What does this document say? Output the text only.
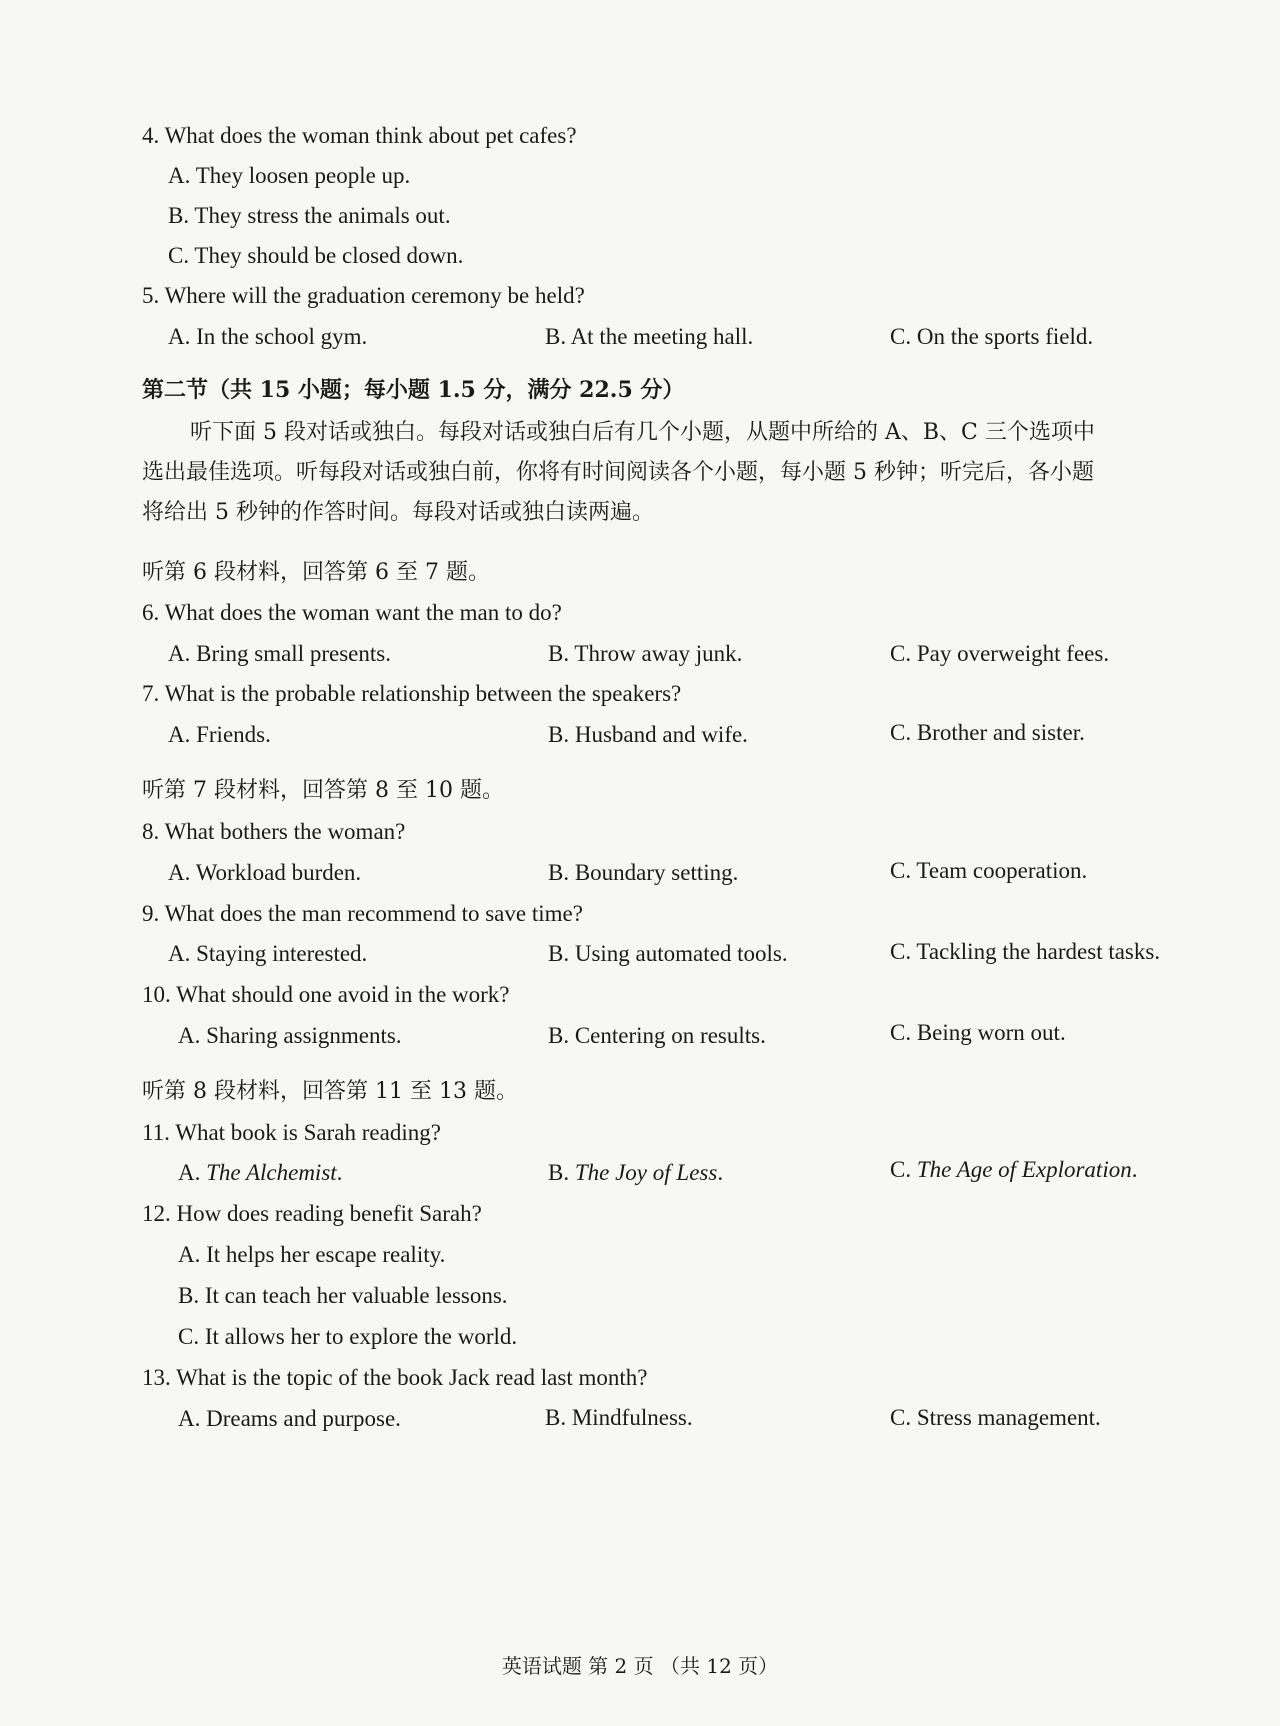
4. What does the woman think about pet cafes?
A. They loosen people up.
B. They stress the animals out.
C. They should be closed down.
5. Where will the graduation ceremony be held?
A. In the school gym.	B. At the meeting hall.	C. On the sports field.
第二节（共 15 小题；每小题 1.5 分，满分 22.5 分）
听下面 5 段对话或独白。每段对话或独白后有几个小题，从题中所给的 A、B、C 三个选项中
选出最佳选项。听每段对话或独白前，你将有时间阅读各个小题，每小题 5 秒钟；听完后，各小题
将给出 5 秒钟的作答时间。每段对话或独白读两遍。
听第 6 段材料，回答第 6 至 7 题。
6. What does the woman want the man to do?
A. Bring small presents.	B. Throw away junk.	C. Pay overweight fees.
7. What is the probable relationship between the speakers?
A. Friends.	B. Husband and wife.	C. Brother and sister.
听第 7 段材料，回答第 8 至 10 题。
8. What bothers the woman?
A. Workload burden.	B. Boundary setting.	C. Team cooperation.
9. What does the man recommend to save time?
A. Staying interested.	B. Using automated tools.	C. Tackling the hardest tasks.
10. What should one avoid in the work?
A. Sharing assignments.	B. Centering on results.	C. Being worn out.
听第 8 段材料，回答第 11 至 13 题。
11. What book is Sarah reading?
A. The Alchemist.	B. The Joy of Less.	C. The Age of Exploration.
12. How does reading benefit Sarah?
A. It helps her escape reality.
B. It can teach her valuable lessons.
C. It allows her to explore the world.
13. What is the topic of the book Jack read last month?
A. Dreams and purpose.	B. Mindfulness.	C. Stress management.
英语试题 第 2 页 （共 12 页）
